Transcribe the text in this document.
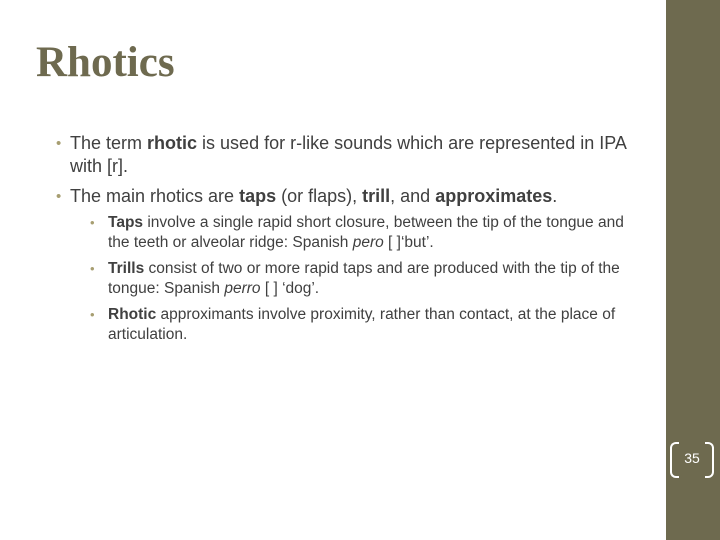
Rhotics
• The term rhotic is used for r-like sounds which are represented in IPA with [r].
• The main rhotics are taps (or flaps), trill, and approximates.
• Taps involve a single rapid short closure, between the tip of the tongue and the teeth or alveolar ridge: Spanish pero [ ]‘but’.
• Trills consist of two or more rapid taps and are produced with the tip of the tongue: Spanish perro [ ] ‘dog’.
• Rhotic approximants involve proximity, rather than contact, at the place of articulation.
35
